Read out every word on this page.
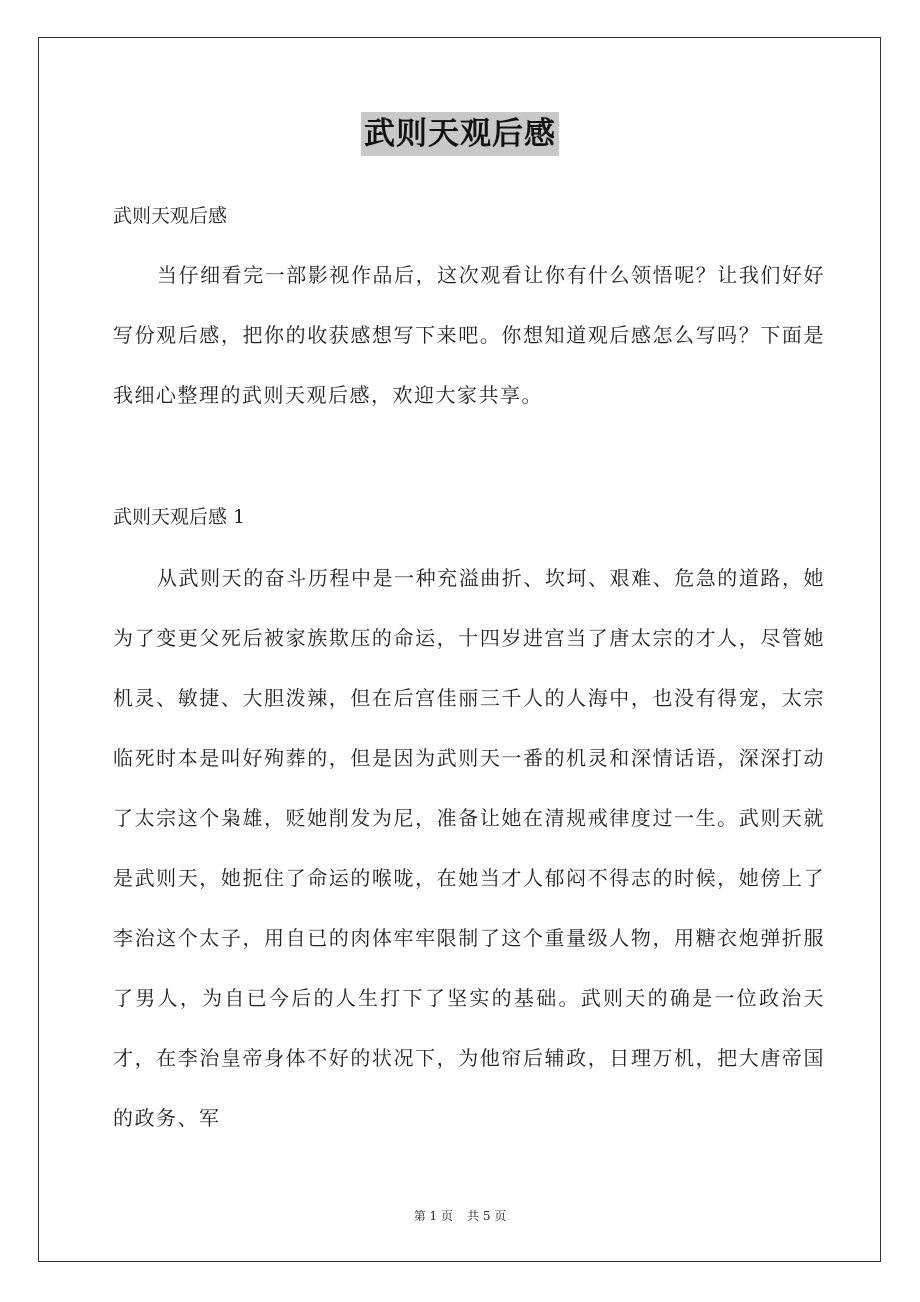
武则天观后感
武则天观后感

当仔细看完一部影视作品后，这次观看让你有什么领悟呢？让我们好好写份观后感，把你的收获感想写下来吧。你想知道观后感怎么写吗？下面是我细心整理的武则天观后感，欢迎大家共享。

武则天观后感 1

从武则天的奋斗历程中是一种充溢曲折、坎坷、艰难、危急的道路，她为了变更父死后被家族欺压的命运，十四岁进宫当了唐太宗的才人，尽管她机灵、敏捷、大胆泼辣，但在后宫佳丽三千人的人海中，也没有得宠，太宗临死时本是叫好殉葬的，但是因为武则天一番的机灵和深情话语，深深打动了太宗这个枭雄，贬她削发为尼，准备让她在清规戒律度过一生。武则天就是武则天，她扼住了命运的喉咙，在她当才人郁闷不得志的时候，她傍上了李治这个太子，用自已的肉体牢牢限制了这个重量级人物，用糖衣炮弹折服了男人，为自已今后的人生打下了坚实的基础。武则天的确是一位政治天才，在李治皇帝身体不好的状况下，为他帘后辅政，日理万机，把大唐帝国的政务、军

第 1 页 共 5 页
